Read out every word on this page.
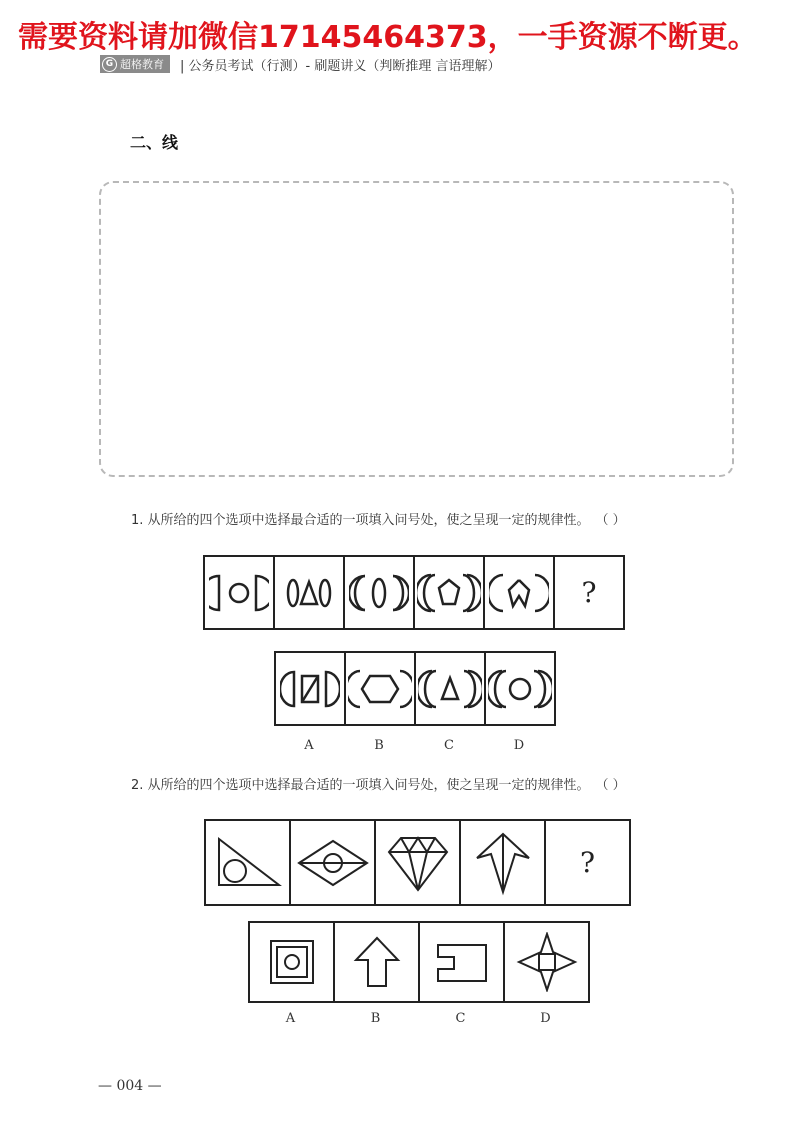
需要资料请加微信17145464373，一手资源不断更。
G 超格教育 | 公务员考试（行测）- 刷题讲义（判断推理 言语理解）
二、线
1. 从所给的四个选项中选择最合适的一项填入问号处，使之呈现一定的规律性。 （ ）
?
A	B	C	D
2. 从所给的四个选项中选择最合适的一项填入问号处，使之呈现一定的规律性。 （ ）
?
A	B	C	D
— 004 —
